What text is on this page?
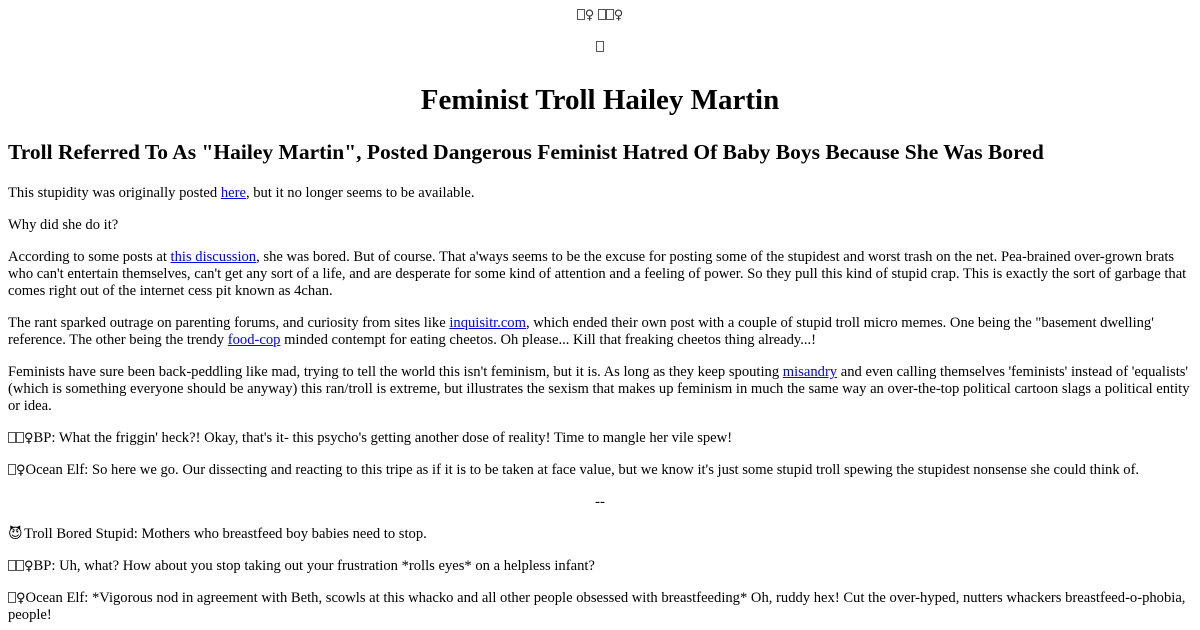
♀ ♀
Feminist Troll Hailey Martin
Troll Referred To As "Hailey Martin", Posted Dangerous Feminist Hatred Of Baby Boys Because She Was Bored

This stupidity was originally posted here, but it no longer seems to be available.

Why did she do it?

According to some posts at this discussion, she was bored. But of course. That a'ways seems to be the excuse for posting some of the stupidest and worst trash on the net. Pea-brained over-grown brats who can't entertain themselves, can't get any sort of a life, and are desperate for some kind of attention and a feeling of power. So they pull this kind of stupid crap. This is exactly the sort of garbage that comes right out of the internet cess pit known as 4chan.

The rant sparked outrage on parenting forums, and curiosity from sites like inquisitr.com, which ended their own post with a couple of stupid troll micro memes. One being the "basement dwelling' reference. The other being the trendy food-cop minded contempt for eating cheetos. Oh please... Kill that freaking cheetos thing already...!

Feminists have sure been back-peddling like mad, trying to tell the world this isn't feminism, but it is. As long as they keep spouting misandry and even calling themselves 'feminists' instead of 'equalists' (which is something everyone should be anyway) this ran/troll is extreme, but illustrates the sexism that makes up feminism in much the same way an over-the-top political cartoon slags a political entity or idea.

♀BP: What the friggin' heck?! Okay, that's it- this psycho's getting another dose of reality! Time to mangle her vile spew!

♀Ocean Elf: So here we go. Our dissecting and reacting to this tripe as if it is to be taken at face value, but we know it's just some stupid troll spewing the stupidest nonsense she could think of.

--

😈Troll Bored Stupid: Mothers who breastfeed boy babies need to stop.

♀BP: Uh, what? How about you stop taking out your frustration *rolls eyes* on a helpless infant?

♀Ocean Elf: *Vigorous nod in agreement with Beth, scowls at this whacko and all other people obsessed with breastfeeding* Oh, ruddy hex! Cut the over-hyped, nutters whackers breastfeed-o-phobia, people!
